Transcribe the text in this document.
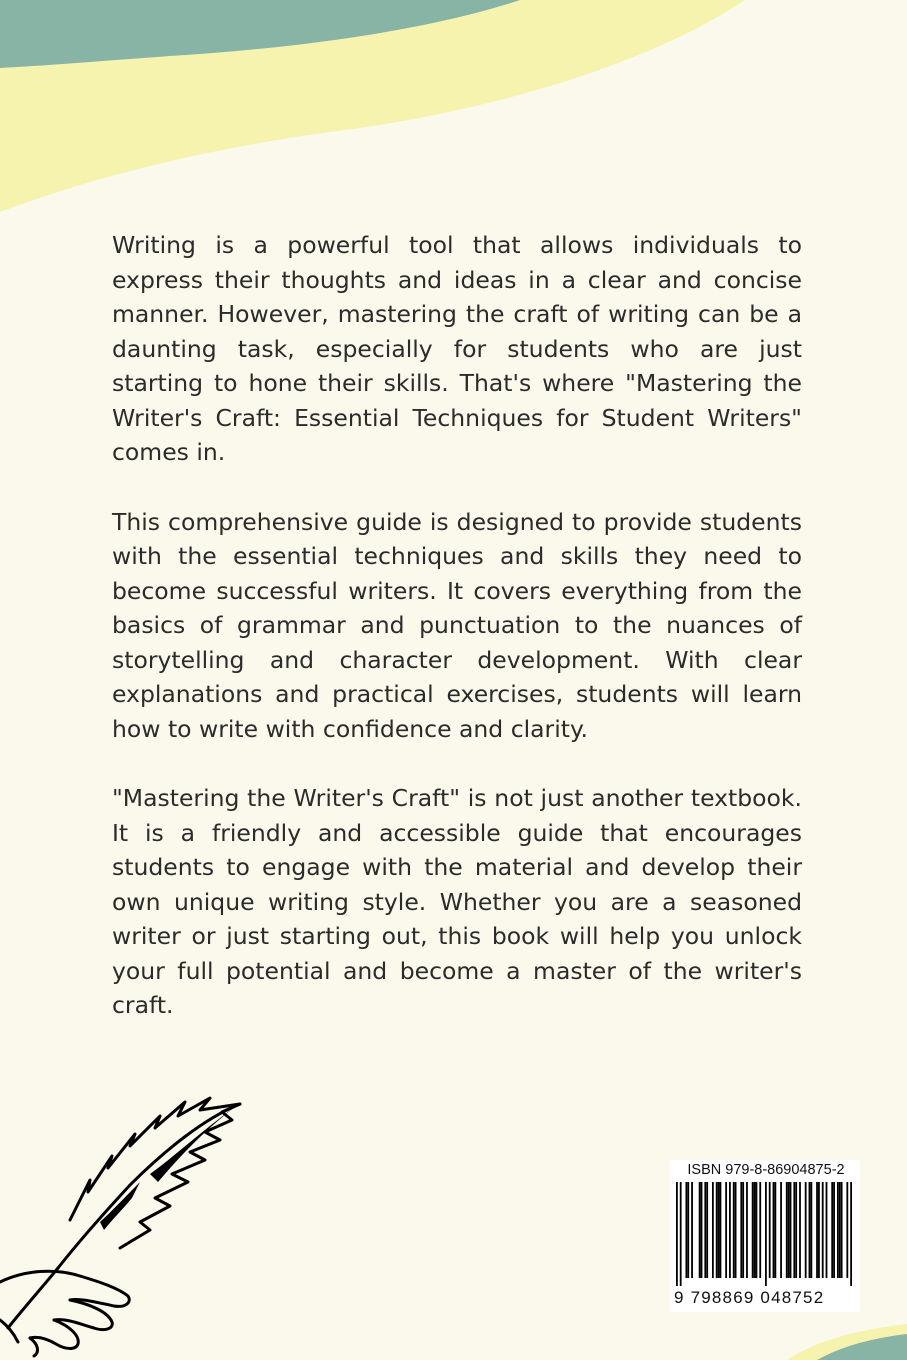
Writing is a powerful tool that allows individuals to express their thoughts and ideas in a clear and concise manner. However, mastering the craft of writing can be a daunting task, especially for students who are just starting to hone their skills. That's where "Mastering the Writer's Craft: Essential Techniques for Student Writers" comes in.

This comprehensive guide is designed to provide students with the essential techniques and skills they need to become successful writers. It covers everything from the basics of grammar and punctuation to the nuances of storytelling and character development. With clear explanations and practical exercises, students will learn how to write with confidence and clarity.

"Mastering the Writer's Craft" is not just another textbook. It is a friendly and accessible guide that encourages students to engage with the material and develop their own unique writing style. Whether you are a seasoned writer or just starting out, this book will help you unlock your full potential and become a master of the writer's craft.

ISBN 979-8-86904875-2
9 798869 048752
